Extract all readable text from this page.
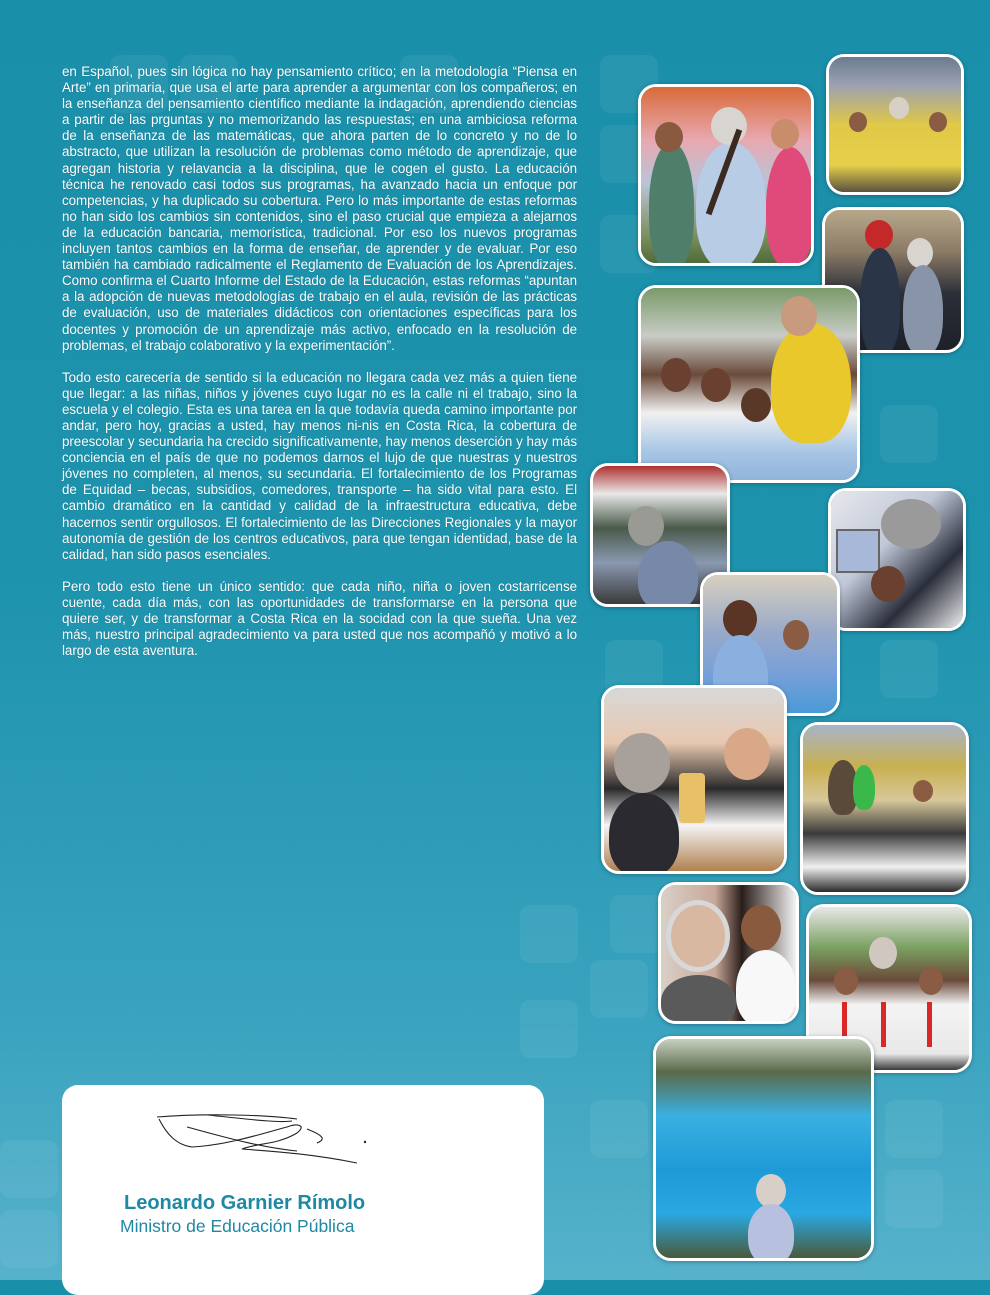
en Español, pues sin lógica no hay pensamiento crítico; en la metodología “Piensa en Arte” en primaria, que usa el arte para aprender a argumentar con los compañeros; en la enseñanza del pensamiento científico mediante la indagación, aprendiendo ciencias a partir de las prguntas y no memorizando las respuestas; en una ambiciosa reforma de la enseñanza de las matemáticas, que ahora parten de lo concreto y no de lo abstracto, que utilizan la resolución de problemas como método de aprendizaje, que agregan historia y relavancia a la disciplina, que le cogen el gusto. La educación técnica he renovado casi todos sus programas, ha avanzado hacia un enfoque por competencias, y ha duplicado su cobertura. Pero lo más importante de estas reformas no han sido los cambios sin contenidos, sino el paso crucial que empieza a alejarnos de la educación bancaria, memorística, tradicional. Por eso los nuevos programas incluyen tantos cambios en la forma de enseñar, de aprender y de evaluar. Por eso también ha cambiado radicalmente el Reglamento de Evaluación de los Aprendizajes. Como confirma el Cuarto Informe del Estado de la Educación, estas reformas “apuntan a la adopción de nuevas metodologías de trabajo en el aula, revisión de las prácticas de evaluación, uso de materiales didácticos con orientaciones específicas para los docentes y promoción de un aprendizaje más activo, enfocado en la resolución de problemas, el trabajo colaborativo y la experimentación”.

Todo esto carecería de sentido si la educación no llegara cada vez más a quien tiene que llegar: a las niñas, niños y jóvenes cuyo lugar no es la calle ni el trabajo, sino la escuela y el colegio. Esta es una tarea en la que todavía queda camino importante por andar, pero hoy, gracias a usted, hay menos ni-nis en Costa Rica, la cobertura de preescolar y secundaria ha crecido significativamente, hay menos deserción y hay más conciencia en el país de que no podemos darnos el lujo de que nuestras y nuestros jóvenes no completen, al menos, su secundaria. El fortalecimiento de los Programas de Equidad – becas, subsidios, comedores, transporte – ha sido vital para esto. El cambio dramático en la cantidad y calidad de la infraestructura educativa, debe hacernos sentir orgullosos. El fortalecimiento de las Direcciones Regionales y la mayor autonomía de gestión de los centros educativos, para que tengan identidad, base de la calidad, han sido pasos esenciales.

Pero todo esto tiene un único sentido: que cada niño, niña o joven costarricense cuente, cada día más, con las oportunidades de transformarse en la persona que quiere ser, y de transformar a Costa Rica en la socidad con la que sueña. Una vez más, nuestro principal agradecimiento va para usted que nos acompañó y motivó a lo largo de esta aventura.

Leonardo Garnier Rímolo
Ministro de Educación Pública
